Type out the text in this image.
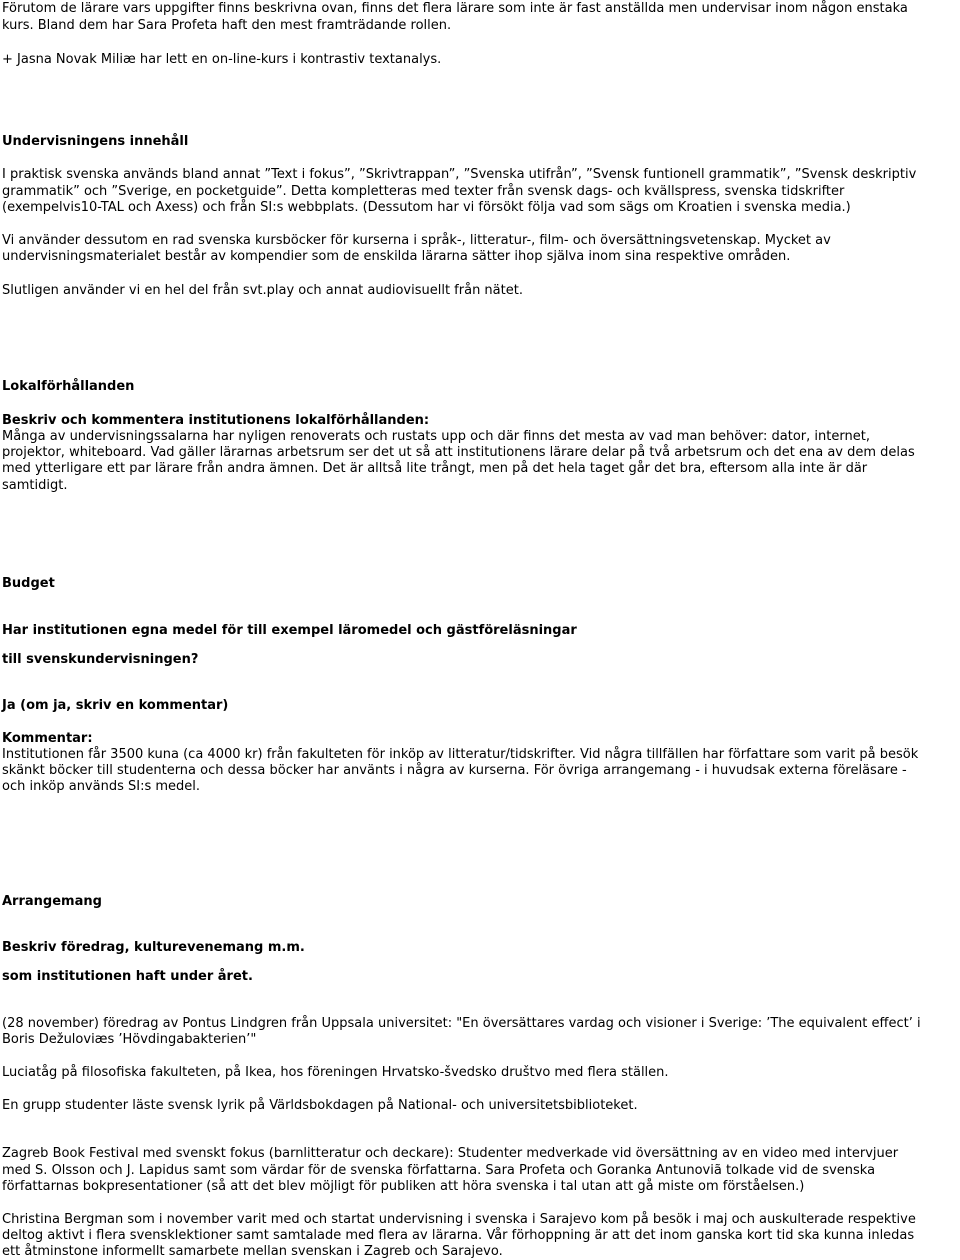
Förutom de lärare vars uppgifter finns beskrivna ovan, finns det flera lärare som inte är fast anställda men undervisar inom någon enstaka
kurs. Bland dem har Sara Profeta haft den mest framträdande rollen.
+ Jasna Novak Miliæ har lett en on-line-kurs i kontrastiv textanalys.
Undervisningens innehåll
I praktisk svenska används bland annat ”Text i fokus”, ”Skrivtrappan”, ”Svenska utifrån”, ”Svensk funtionell grammatik”, ”Svensk deskriptiv
grammatik” och ”Sverige, en pocketguide”. Detta kompletteras med texter från svensk dags- och kvällspress, svenska tidskrifter
(exempelvis10-TAL och Axess) och från SI:s webbplats. (Dessutom har vi försökt följa vad som sägs om Kroatien i svenska media.)
Vi använder dessutom en rad svenska kursböcker för kurserna i språk-, litteratur-, film- och översättningsvetenskap. Mycket av
undervisningsmaterialet består av kompendier som de enskilda lärarna sätter ihop själva inom sina respektive områden.
Slutligen använder vi en hel del från svt.play och annat audiovisuellt från nätet.
Lokalförhållanden
Beskriv och kommentera institutionens lokalförhållanden:
Många av undervisningssalarna har nyligen renoverats och rustats upp och där finns det mesta av vad man behöver: dator, internet,
projektor, whiteboard. Vad gäller lärarnas arbetsrum ser det ut så att institutionens lärare delar på två arbetsrum och det ena av dem delas
med ytterligare ett par lärare från andra ämnen. Det är alltså lite trångt, men på det hela taget går det bra, eftersom alla inte är där
samtidigt.
Budget
Har institutionen egna medel för till exempel läromedel och gästföreläsningar
till svenskundervisningen?
Ja (om ja, skriv en kommentar)
Kommentar:
Institutionen får 3500 kuna (ca 4000 kr) från fakulteten för inköp av litteratur/tidskrifter. Vid några tillfällen har författare som varit på besök
skänkt böcker till studenterna och dessa böcker har använts i några av kurserna. För övriga arrangemang - i huvudsak externa föreläsare -
och inköp används SI:s medel.
Arrangemang
Beskriv föredrag, kulturevenemang m.m.
som institutionen haft under året.
(28 november) föredrag av Pontus Lindgren från Uppsala universitet: "En översättares vardag och visioner i Sverige: ’The equivalent effect’ i
Boris Dežuloviæs ’Hövdingabakterien’"
Luciatåg på filosofiska fakulteten, på Ikea, hos föreningen Hrvatsko-švedsko društvo med flera ställen.
En grupp studenter läste svensk lyrik på Världsbokdagen på National- och universitetsbiblioteket.
Zagreb Book Festival med svenskt fokus (barnlitteratur och deckare): Studenter medverkade vid översättning av en video med intervjuer
med S. Olsson och J. Lapidus samt som värdar för de svenska författarna. Sara Profeta och Goranka Antunoviã tolkade vid de svenska
författarnas bokpresentationer (så att det blev möjligt för publiken att höra svenska i tal utan att gå miste om förståelsen.)
Christina Bergman som i november varit med och startat undervisning i svenska i Sarajevo kom på besök i maj och auskulterade respektive
deltog aktivt i flera svensklektioner samt samtalade med flera av lärarna. Vår förhoppning är att det inom ganska kort tid ska kunna inledas
ett åtminstone informellt samarbete mellan svenskan i Zagreb och Sarajevo.
